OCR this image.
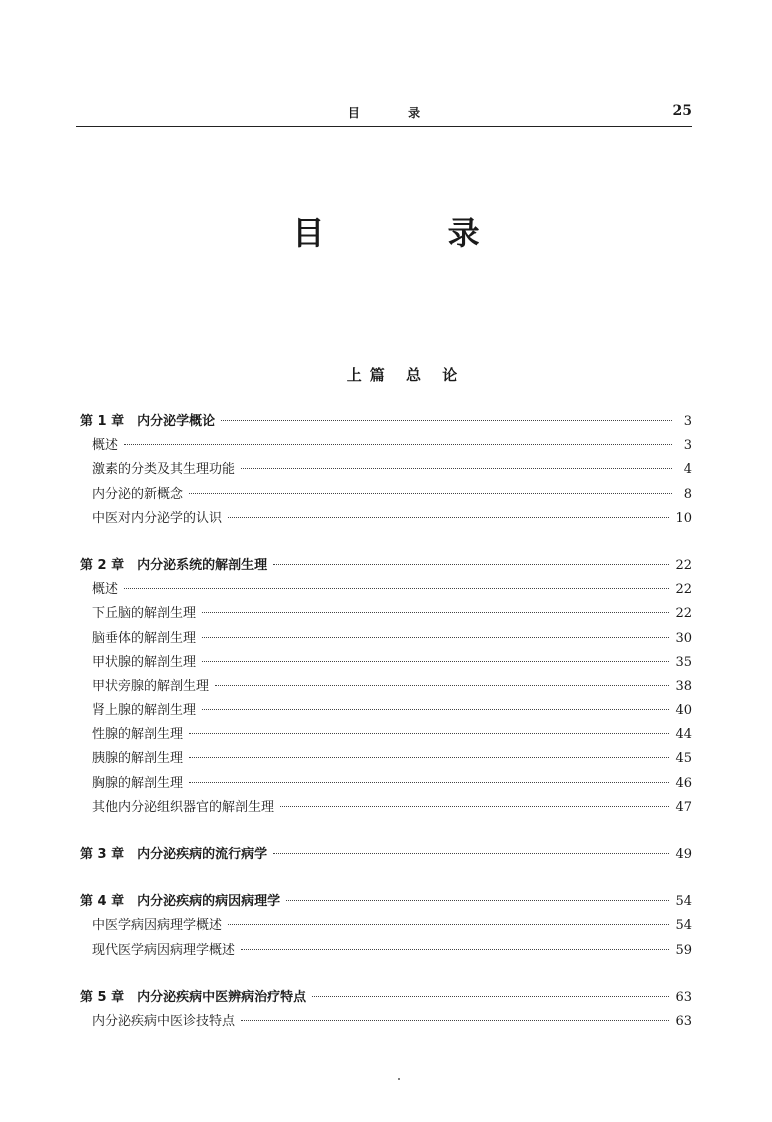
目 录	25
目 录
上篇 总 论
第 1 章　内分泌学概论	3
概述	3
激素的分类及其生理功能	4
内分泌的新概念	8
中医对内分泌学的认识	10
第 2 章　内分泌系统的解剖生理	22
概述	22
下丘脑的解剖生理	22
脑垂体的解剖生理	30
甲状腺的解剖生理	35
甲状旁腺的解剖生理	38
肾上腺的解剖生理	40
性腺的解剖生理	44
胰腺的解剖生理	45
胸腺的解剖生理	46
其他内分泌组织器官的解剖生理	47
第 3 章　内分泌疾病的流行病学	49
第 4 章　内分泌疾病的病因病理学	54
中医学病因病理学概述	54
现代医学病因病理学概述	59
第 5 章　内分泌疾病中医辨病治疗特点	63
内分泌疾病中医诊技特点	63
